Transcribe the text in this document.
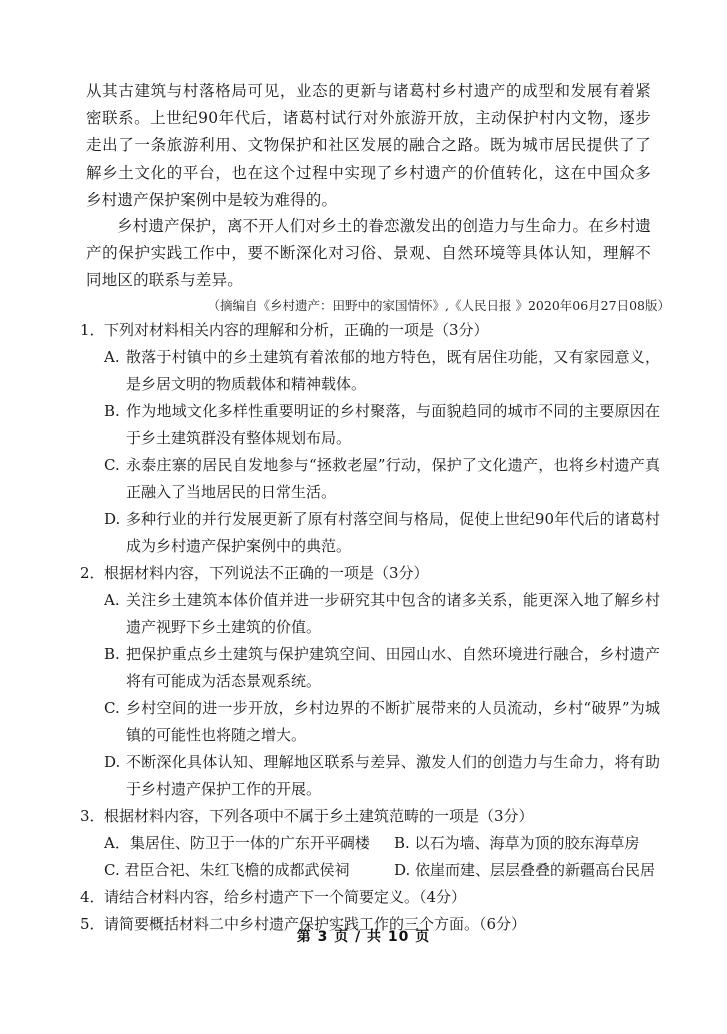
从其古建筑与村落格局可见，业态的更新与诸葛村乡村遗产的成型和发展有着紧密联系。上世纪90年代后，诸葛村试行对外旅游开放，主动保护村内文物，逐步走出了一条旅游利用、文物保护和社区发展的融合之路。既为城市居民提供了了解乡土文化的平台，也在这个过程中实现了乡村遗产的价值转化，这在中国众多乡村遗产保护案例中是较为难得的。

乡村遗产保护，离不开人们对乡土的眷恋激发出的创造力与生命力。在乡村遗产的保护实践工作中，要不断深化对习俗、景观、自然环境等具体认知，理解不同地区的联系与差异。

（摘编自《乡村遗产：田野中的家国情怀》,《人民日报 》2020年06月27日08版）
1． 下列对材料相关内容的理解和分析，正确的一项是（3分）
A. 散落于村镇中的乡土建筑有着浓郁的地方特色，既有居住功能，又有家园意义，是乡居文明的物质载体和精神载体。
B. 作为地域文化多样性重要明证的乡村聚落，与面貌趋同的城市不同的主要原因在于乡土建筑群没有整体规划布局。
C. 永泰庄寨的居民自发地参与“拯救老屋”行动，保护了文化遗产，也将乡村遗产真正融入了当地居民的日常生活。
D. 多种行业的并行发展更新了原有村落空间与格局，促使上世纪90年代后的诸葛村成为乡村遗产保护案例中的典范。
2． 根据材料内容，下列说法不正确的一项是（3分）
A. 关注乡土建筑本体价值并进一步研究其中包含的诸多关系，能更深入地了解乡村遗产视野下乡土建筑的价值。
B. 把保护重点乡土建筑与保护建筑空间、田园山水、自然环境进行融合，乡村遗产将有可能成为活态景观系统。
C. 乡村空间的进一步开放，乡村边界的不断扩展带来的人员流动，乡村“破界”为城镇的可能性也将随之增大。
D. 不断深化具体认知、理解地区联系与差异、激发人们的创造力与生命力，将有助于乡村遗产保护工作的开展。
3． 根据材料内容，下列各项中不属于乡土建筑范畴的一项是（3分）
A．集居住、防卫于一体的广东开平碉楼	B. 以石为墙、海草为顶的胶东海草房
C. 君臣合祀、朱红飞檐的成都武侯祠	D. 依崖而建、层层叠叠的新疆高台民居
4． 请结合材料内容，给乡村遗产下一个简要定义。（4分）
5． 请简要概括材料二中乡村遗产保护实践工作的三个方面。（6分）
第 3 页 / 共 10 页
